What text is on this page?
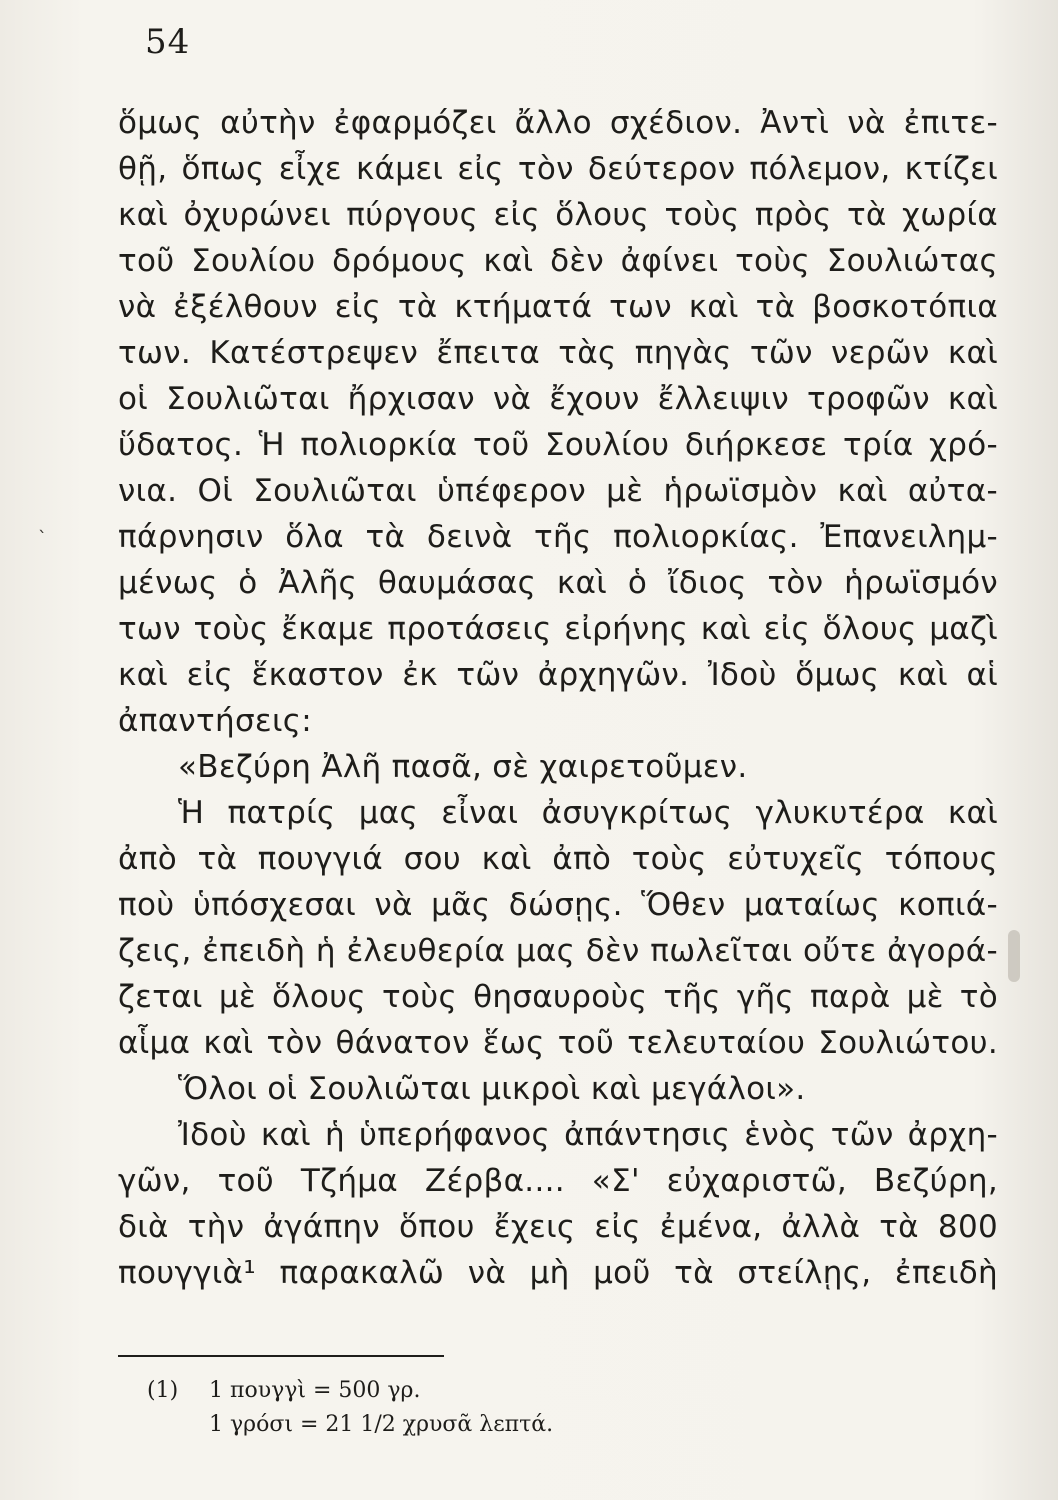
54
`
ὅμως αὐτὴν ἐφαρμόζει ἄλλο σχέδιον. Ἀντὶ νὰ ἐπιτε-
θῇ, ὅπως εἶχε κάμει εἰς τὸν δεύτερον πόλεμον, κτίζει
καὶ ὀχυρώνει πύργους εἰς ὅλους τοὺς πρὸς τὰ χωρία
τοῦ Σουλίου δρόμους καὶ δὲν ἀφίνει τοὺς Σουλιώτας
νὰ ἐξέλθουν εἰς τὰ κτήματά των καὶ τὰ βοσκοτόπια
των. Κατέστρεψεν ἔπειτα τὰς πηγὰς τῶν νερῶν καὶ
οἱ Σουλιῶται ἤρχισαν νὰ ἔχουν ἔλλειψιν τροφῶν καὶ
ὕδατος. Ἡ πολιορκία τοῦ Σουλίου διήρκεσε τρία χρό-
νια. Οἱ Σουλιῶται ὑπέφερον μὲ ἡρωϊσμὸν καὶ αὐτα-
πάρνησιν ὅλα τὰ δεινὰ τῆς πολιορκίας. Ἐπανειλημ-
μένως ὁ Ἀλῆς θαυμάσας καὶ ὁ ἴδιος τὸν ἡρωϊσμόν
των τοὺς ἔκαμε προτάσεις εἰρήνης καὶ εἰς ὅλους μαζὶ
καὶ εἰς ἕκαστον ἐκ τῶν ἀρχηγῶν. Ἰδοὺ ὅμως καὶ αἱ
ἀπαντήσεις:
«Βεζύρη Ἀλῆ πασᾶ, σὲ χαιρετοῦμεν.
Ἡ πατρίς μας εἶναι ἀσυγκρίτως γλυκυτέρα καὶ
ἀπὸ τὰ πουγγιά σου καὶ ἀπὸ τοὺς εὐτυχεῖς τόπους
ποὺ ὑπόσχεσαι νὰ μᾶς δώσῃς. Ὅθεν ματαίως κοπιά-
ζεις, ἐπειδὴ ἡ ἐλευθερία μας δὲν πωλεῖται οὔτε ἀγορά-
ζεται μὲ ὅλους τοὺς θησαυροὺς τῆς γῆς παρὰ μὲ τὸ
αἷμα καὶ τὸν θάνατον ἕως τοῦ τελευταίου Σουλιώτου.
Ὅλοι οἱ Σουλιῶται μικροὶ καὶ μεγάλοι».
Ἰδοὺ καὶ ἡ ὑπερήφανος ἀπάντησις ἑνὸς τῶν ἀρχη-
γῶν, τοῦ Τζήμα Ζέρβα.... «Σ' εὐχαριστῶ, Βεζύρη,
διὰ τὴν ἀγάπην ὅπου ἔχεις εἰς ἐμένα, ἀλλὰ τὰ 800
πουγγιὰ¹ παρακαλῶ νὰ μὴ μοῦ τὰ στείλῃς, ἐπειδὴ
(1) 1 πουγγὶ = 500 γρ.
1 γρόσι = 21 1/2 χρυσᾶ λεπτά.
